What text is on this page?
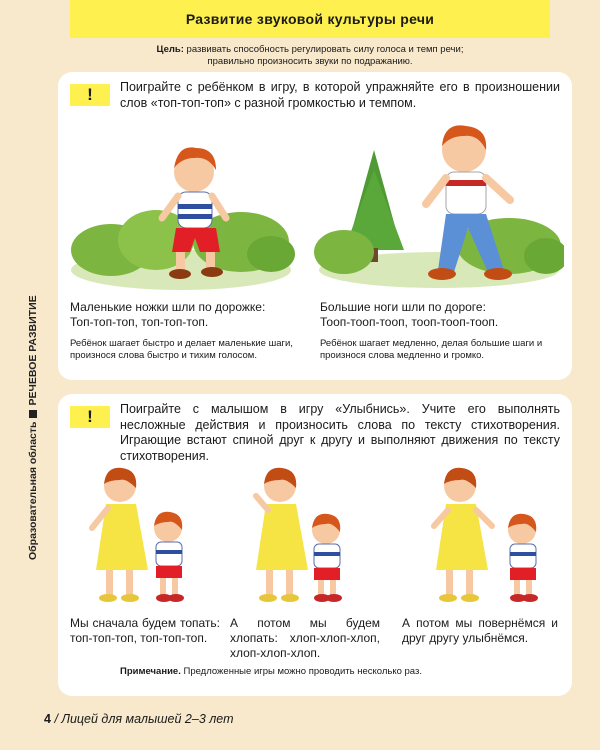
Развитие звуковой культуры речи
Цель: развивать способность регулировать силу голоса и темп речи;
правильно произносить звуки по подражанию.
Образовательная область
РЕЧЕВОЕ РАЗВИТИЕ
!	Поиграйте с ребёнком в игру, в которой упражняйте его в произношении слов «топ-топ-топ» с разной громкостью и темпом.
Маленькие ножки шли по дорожке:
Топ-топ-топ, топ-топ-топ.
Ребёнок шагает быстро и делает маленькие шаги, произнося слова быстро и тихим голосом.
Большие ноги шли по дороге:
Тооп-тооп-тооп, тооп-тооп-тооп.
Ребёнок шагает медленно, делая большие шаги и произнося слова медленно и громко.
!	Поиграйте с малышом в игру «Улыбнись». Учите его выполнять несложные действия и произносить слова по тексту стихотворения. Играющие встают спиной друг к другу и выполняют движения по тексту стихотворения.
Мы сначала будем топать: топ-топ-топ, топ-топ-топ.
А потом мы будем хлопать: хлоп-хлоп-хлоп, хлоп-хлоп-хлоп.
А потом мы повернёмся и друг другу улыбнёмся.
Примечание. Предложенные игры можно проводить несколько раз.
4 / Лицей для малышей 2–3 лет
